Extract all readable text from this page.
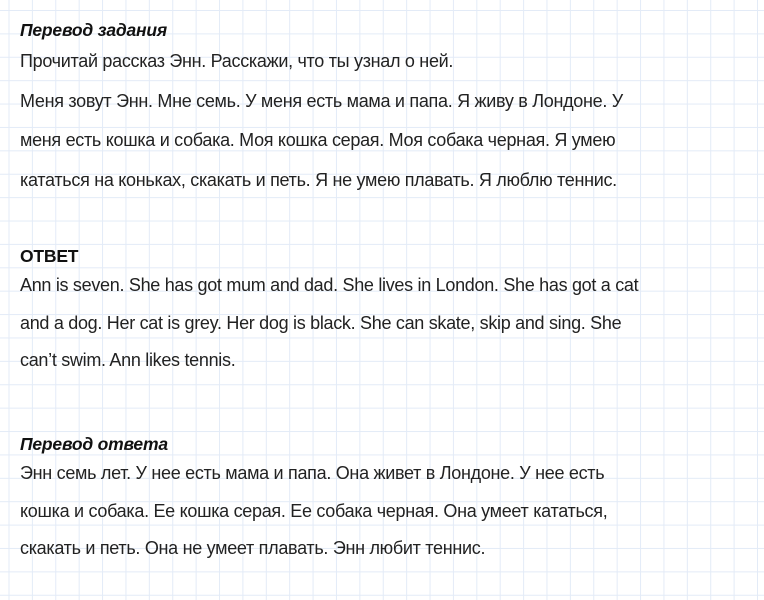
Перевод задания

Прочитай рассказ Энн. Расскажи, что ты узнал о ней.

Меня зовут Энн. Мне семь. У меня есть мама и папа. Я живу в Лондоне. У

меня есть кошка и собака. Моя кошка серая. Моя собака черная. Я умею

кататься на коньках, скакать и петь. Я не умею плавать. Я люблю теннис.

ОТВЕТ

Ann is seven. She has got mum and dad. She lives in London. She has got a cat

and a dog. Her cat is grey. Her dog is black. She can skate, skip and sing. She

can’t swim. Ann likes tennis.

Перевод ответа

Энн семь лет. У нее есть мама и папа. Она живет в Лондоне. У нее есть

кошка и собака. Ее кошка серая. Ее собака черная. Она умеет кататься,

скакать и петь. Она не умеет плавать. Энн любит теннис.
